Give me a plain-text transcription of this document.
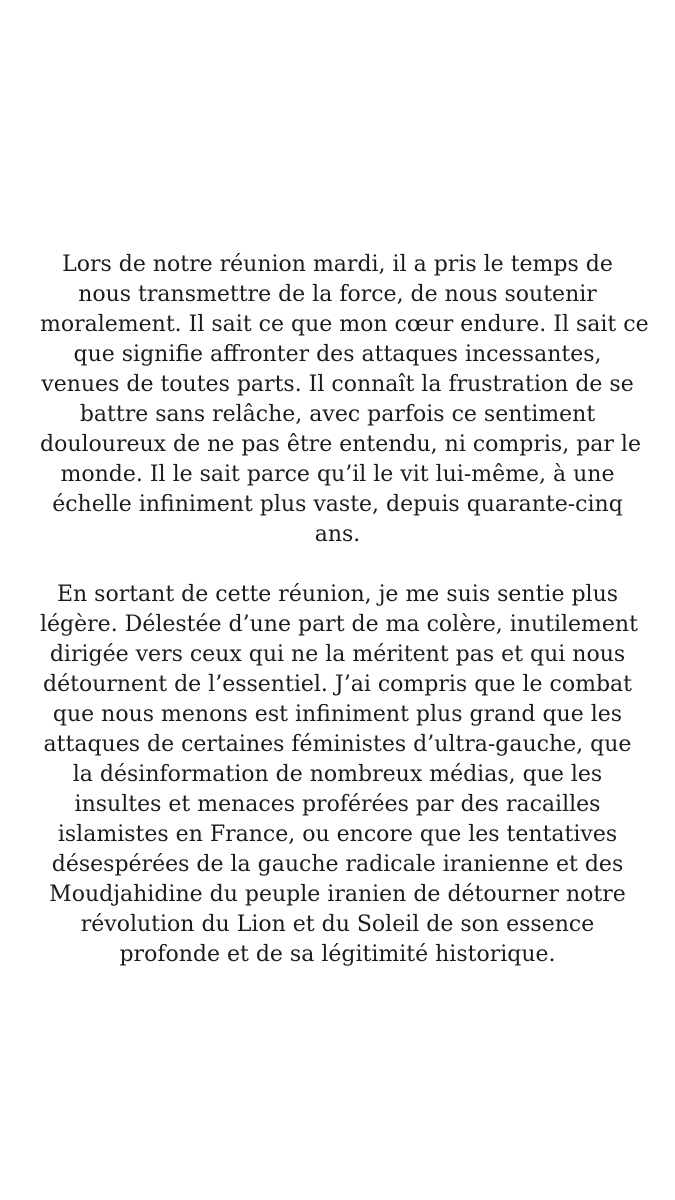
Lors de notre réunion mardi, il a pris le temps de
nous transmettre de la force, de nous soutenir
moralement. Il sait ce que mon cœur endure. Il sait ce
que signifie affronter des attaques incessantes,
venues de toutes parts. Il connaît la frustration de se
battre sans relâche, avec parfois ce sentiment
douloureux de ne pas être entendu, ni compris, par le
monde. Il le sait parce qu’il le vit lui-même, à une
échelle infiniment plus vaste, depuis quarante-cinq
ans.

En sortant de cette réunion, je me suis sentie plus
légère. Délestée d’une part de ma colère, inutilement
dirigée vers ceux qui ne la méritent pas et qui nous
détournent de l’essentiel. J’ai compris que le combat
que nous menons est infiniment plus grand que les
attaques de certaines féministes d’ultra-gauche, que
la désinformation de nombreux médias, que les
insultes et menaces proférées par des racailles
islamistes en France, ou encore que les tentatives
désespérées de la gauche radicale iranienne et des
Moudjahidine du peuple iranien de détourner notre
révolution du Lion et du Soleil de son essence
profonde et de sa légitimité historique.
